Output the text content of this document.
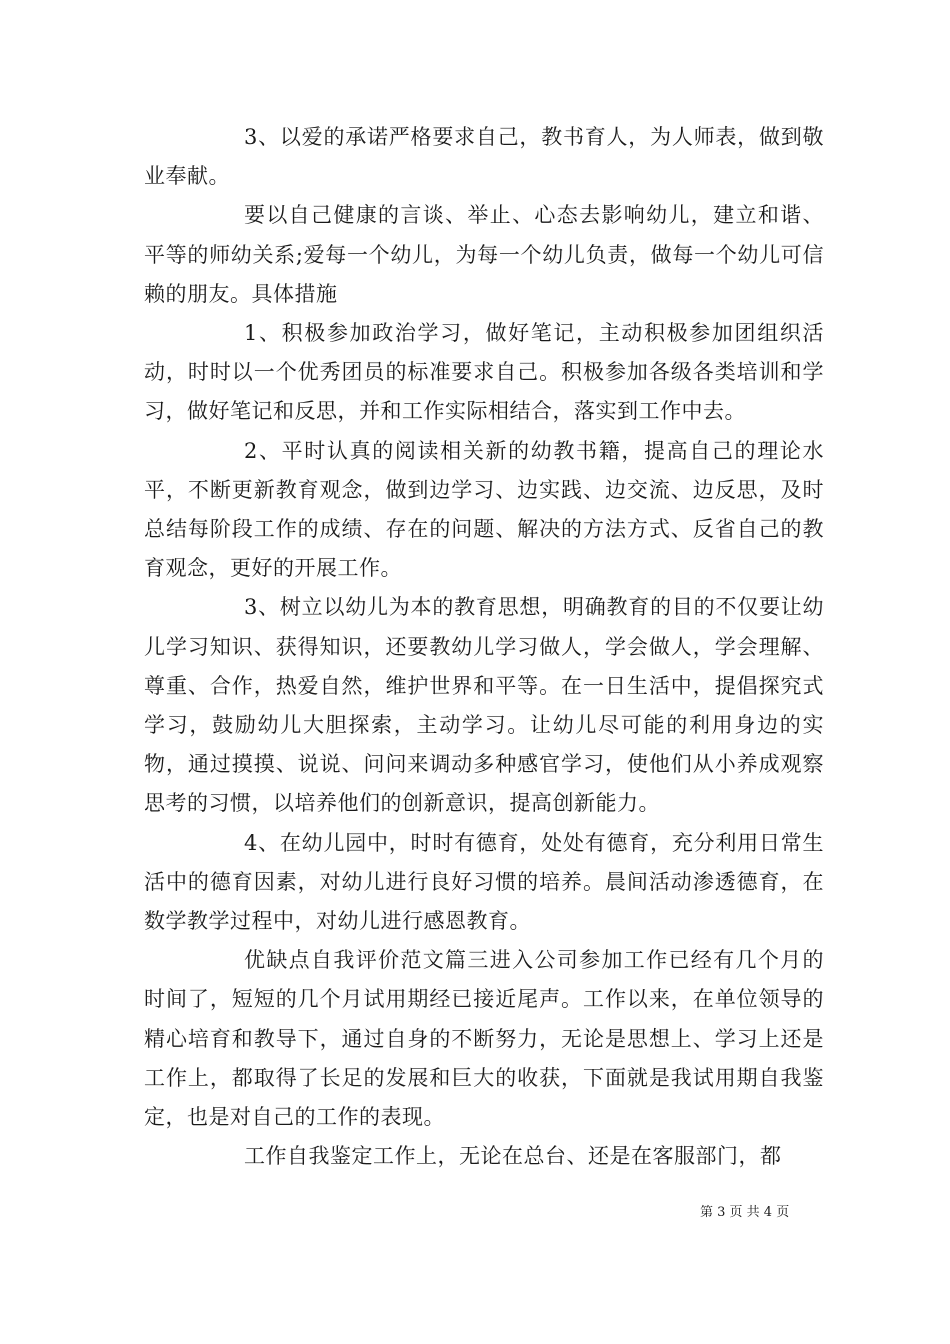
3、以爱的承诺严格要求自己，教书育人，为人师表，做到敬业奉献。

要以自己健康的言谈、举止、心态去影响幼儿，建立和谐、平等的师幼关系;爱每一个幼儿，为每一个幼儿负责，做每一个幼儿可信赖的朋友。具体措施

1、积极参加政治学习，做好笔记，主动积极参加团组织活动，时时以一个优秀团员的标准要求自己。积极参加各级各类培训和学习，做好笔记和反思，并和工作实际相结合，落实到工作中去。

2、平时认真的阅读相关新的幼教书籍，提高自己的理论水平，不断更新教育观念，做到边学习、边实践、边交流、边反思，及时总结每阶段工作的成绩、存在的问题、解决的方法方式、反省自己的教育观念，更好的开展工作。

3、树立以幼儿为本的教育思想，明确教育的目的不仅要让幼儿学习知识、获得知识，还要教幼儿学习做人，学会做人，学会理解、尊重、合作，热爱自然，维护世界和平等。在一日生活中，提倡探究式学习，鼓励幼儿大胆探索，主动学习。让幼儿尽可能的利用身边的实物，通过摸摸、说说、问问来调动多种感官学习，使他们从小养成观察思考的习惯，以培养他们的创新意识，提高创新能力。

4、在幼儿园中，时时有德育，处处有德育，充分利用日常生活中的德育因素，对幼儿进行良好习惯的培养。晨间活动渗透德育，在数学教学过程中，对幼儿进行感恩教育。

优缺点自我评价范文篇三进入公司参加工作已经有几个月的时间了，短短的几个月试用期经已接近尾声。工作以来，在单位领导的精心培育和教导下，通过自身的不断努力，无论是思想上、学习上还是工作上，都取得了长足的发展和巨大的收获，下面就是我试用期自我鉴定，也是对自己的工作的表现。

工作自我鉴定工作上，无论在总台、还是在客服部门，都

第 3 页 共 4 页
